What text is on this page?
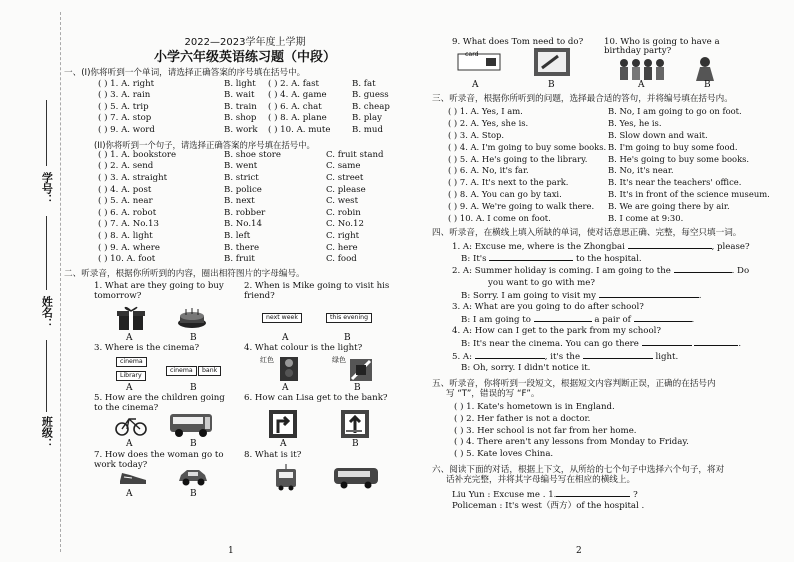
学号：
姓名：
班级：
2022—2023学年度上学期
小学六年级英语练习题（中段）
一、(I)你将听到一个单词，请选择正确答案的序号填在括号中。
( ) 1. A. right	B. light	( ) 2. A. fast	B. fat
( ) 3. A. rain	B. wait	( ) 4. A. game	B. guess
( ) 5. A. trip	B. train	( ) 6. A. chat	B. cheap
( ) 7. A. stop	B. shop	( ) 8. A. plane	B. play
( ) 9. A. word	B. work	( ) 10. A. mute	B. mud
(II)你将听到一个句子，请选择正确答案的序号填在括号中。
( ) 1. A. bookstore	B. shoe store	C. fruit stand
( ) 2. A. send	B. went	C. same
( ) 3. A. straight	B. strict	C. street
( ) 4. A. post	B. police	C. please
( ) 5. A. near	B. next	C. west
( ) 6. A. robot	B. robber	C. robin
( ) 7. A. No.13	B. No.14	C. No.12
( ) 8. A. light	B. left	C. right
( ) 9. A. where	B. there	C. here
( ) 10. A. foot	B. fruit	C. food
二、听录音，根据你所听到的内容，圈出相符图片的字母编号。
1. What are they going to buy tomorrow?
A	B
2. When is Mike going to visit his friend?
next week	this evening
A	B
3. Where is the cinema?
cinema
Library
cinema	bank
A	B
4. What colour is the light?
红色	绿色
A	B
5. How are the children going to the cinema?
A	B
6. How can Lisa get to the bank?
A	B
7. How does the woman go to work today?
A	B
8. What is it?
1
9. What does Tom need to do?
card
A	B
10. Who is going to have a birthday party?
A	B
三、听录音，根据你所听到的问题，选择最合适的答句，并将编号填在括号内。
( ) 1. A. Yes, I am.	B. No, I am going to go on foot.
( ) 2. A. Yes, she is.	B. Yes, he is.
( ) 3. A. Stop.	B. Slow down and wait.
( ) 4. A. I'm going to buy some books. B. I'm going to buy some food.
( ) 5. A. He's going to the library. B. He's going to buy some books.
( ) 6. A. No, it's far.	B. No, it's near.
( ) 7. A. It's next to the park.	B. It's near the teachers' office.
( ) 8. A. You can go by taxi.	B. It's in front of the science museum.
( ) 9. A. We're going to walk there. B. We are going there by air.
( ) 10. A. I come on foot.	B. I come at 9:30.
四、听录音，在横线上填入所缺的单词，使对话意思正确、完整，每空只填一词。
1. A: Excuse me, where is the Zhongbai	, please?
B: It's	to the hospital.
2. A: Summer holiday is coming. I am going to the	. Do
you want to go with me?
B: Sorry. I am going to visit my	.
3. A: What are you going to do after school?
B: I am going to	a pair of	.
4. A: How can I get to the park from my school?
B: It's near the cinema. You can go there	.
5. A:	, it's the	light.
B: Oh, sorry. I didn't notice it.
五、听录音，你将听到一段短文，根据短文内容判断正误，正确的在括号内
写 “T”，错误的写 “F”。
( ) 1. Kate's hometown is in England.
( ) 2. Her father is not a doctor.
( ) 3. Her school is not far from her home.
( ) 4. There aren't any lessons from Monday to Friday.
( ) 5. Kate loves China.
六、阅读下面的对话，根据上下文，从所给的七个句子中选择六个句子，将对
话补充完整，并将其字母编号写在相应的横线上。
Liu Yun : Excuse me . 1.	?
Policeman : It's west（西方）of the hospital .
2
